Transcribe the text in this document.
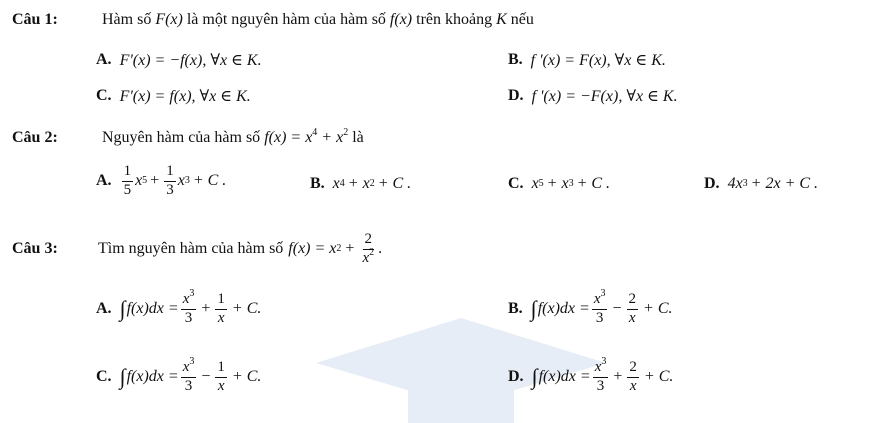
Câu 1:	Hàm số F(x) là một nguyên hàm của hàm số f(x) trên khoảng K nếu
A. F'(x) = −f(x), ∀x ∈ K.	B. f '(x) = F(x), ∀x ∈ K.
C. F'(x) = f(x), ∀x ∈ K.	D. f '(x) = −F(x), ∀x ∈ K.
Câu 2:	Nguyên hàm của hàm số $f(x) = x^4 + x^2$ là
A. $\frac{1}{5}$ x $5 + \frac{1}{3}$ x 3 + C .	B. x 4 + x 2 + C .	C. x 5 + x 3 + C .	D. 4x 3 + 2x + C .
Câu 3:	Tìm nguyên hàm của hàm số f(x) = x $2 + \frac{2}{x^2}$ .
A. ∫ $f(x)dx = \frac{x^3}{3} + \frac{1}{x} + C$.	B. ∫ $f(x)dx = \frac{x^3}{3} - \frac{2}{x} + C$.
C. ∫ $f(x)dx = \frac{x^3}{3} - \frac{1}{x} + C$.	D. ∫ $f(x)dx = \frac{x^3}{3} + \frac{2}{x} + C$.
